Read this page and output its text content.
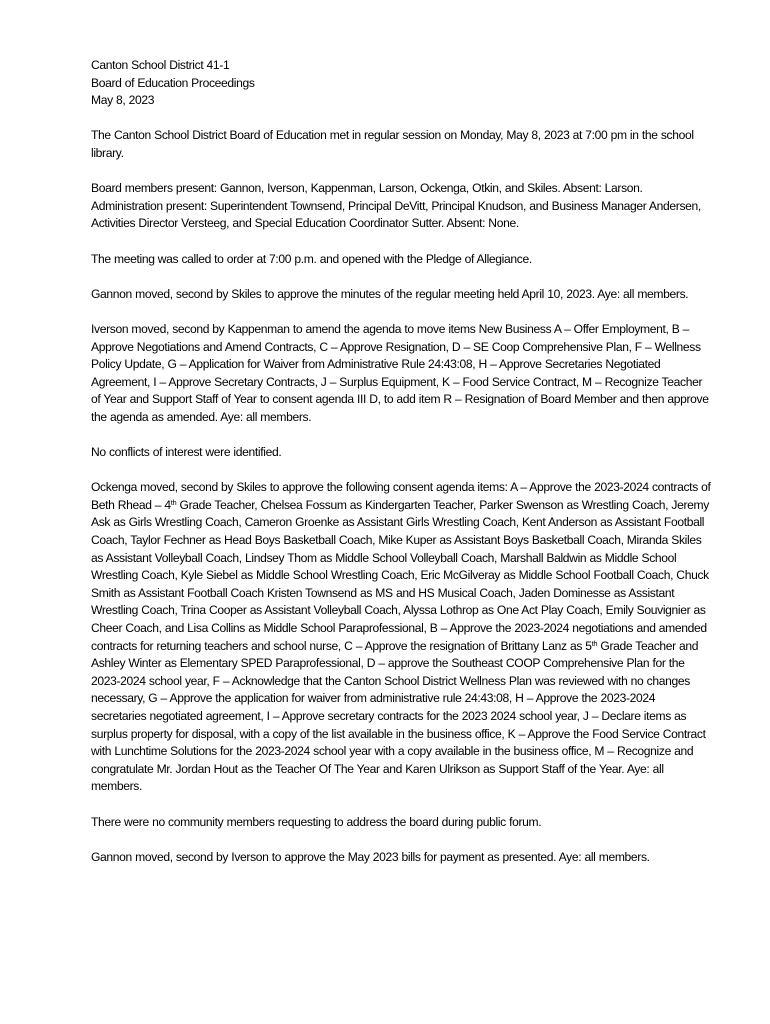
Canton School District 41-1

Board of Education Proceedings

May 8, 2023

The Canton School District Board of Education met in regular session on Monday, May 8, 2023 at 7:00 pm in the school library.

Board members present: Gannon, Iverson, Kappenman, Larson, Ockenga, Otkin, and Skiles. Absent: Larson. Administration present: Superintendent Townsend, Principal DeVitt, Principal Knudson, and Business Manager Andersen, Activities Director Versteeg, and Special Education Coordinator Sutter. Absent: None.

The meeting was called to order at 7:00 p.m. and opened with the Pledge of Allegiance.

Gannon moved, second by Skiles to approve the minutes of the regular meeting held April 10, 2023. Aye: all members.

Iverson moved, second by Kappenman to amend the agenda to move items New Business A – Offer Employment, B – Approve Negotiations and Amend Contracts, C – Approve Resignation, D – SE Coop Comprehensive Plan, F – Wellness Policy Update, G – Application for Waiver from Administrative Rule 24:43:08, H – Approve Secretaries Negotiated Agreement, I – Approve Secretary Contracts, J – Surplus Equipment, K – Food Service Contract, M – Recognize Teacher of Year and Support Staff of Year to consent agenda III D, to add item R – Resignation of Board Member and then approve the agenda as amended. Aye: all members.

No conflicts of interest were identified.

Ockenga moved, second by Skiles to approve the following consent agenda items: A – Approve the 2023-2024 contracts of Beth Rhead – 4th Grade Teacher, Chelsea Fossum as Kindergarten Teacher, Parker Swenson as Wrestling Coach, Jeremy Ask as Girls Wrestling Coach, Cameron Groenke as Assistant Girls Wrestling Coach, Kent Anderson as Assistant Football Coach, Taylor Fechner as Head Boys Basketball Coach, Mike Kuper as Assistant Boys Basketball Coach, Miranda Skiles as Assistant Volleyball Coach, Lindsey Thom as Middle School Volleyball Coach, Marshall Baldwin as Middle School Wrestling Coach, Kyle Siebel as Middle School Wrestling Coach, Eric McGilveray as Middle School Football Coach, Chuck Smith as Assistant Football Coach Kristen Townsend as MS and HS Musical Coach, Jaden Dominesse as Assistant Wrestling Coach, Trina Cooper as Assistant Volleyball Coach, Alyssa Lothrop as One Act Play Coach, Emily Souvignier as Cheer Coach, and Lisa Collins as Middle School Paraprofessional, B – Approve the 2023-2024 negotiations and amended contracts for returning teachers and school nurse, C – Approve the resignation of Brittany Lanz as 5th Grade Teacher and Ashley Winter as Elementary SPED Paraprofessional, D – approve the Southeast COOP Comprehensive Plan for the 2023-2024 school year, F – Acknowledge that the Canton School District Wellness Plan was reviewed with no changes necessary, G – Approve the application for waiver from administrative rule 24:43:08, H – Approve the 2023-2024 secretaries negotiated agreement, I – Approve secretary contracts for the 2023 2024 school year, J – Declare items as surplus property for disposal, with a copy of the list available in the business office, K – Approve the Food Service Contract with Lunchtime Solutions for the 2023-2024 school year with a copy available in the business office, M – Recognize and congratulate Mr. Jordan Hout as the Teacher Of The Year and Karen Ulrikson as Support Staff of the Year. Aye: all members.

There were no community members requesting to address the board during public forum.

Gannon moved, second by Iverson to approve the May 2023 bills for payment as presented. Aye: all members.
